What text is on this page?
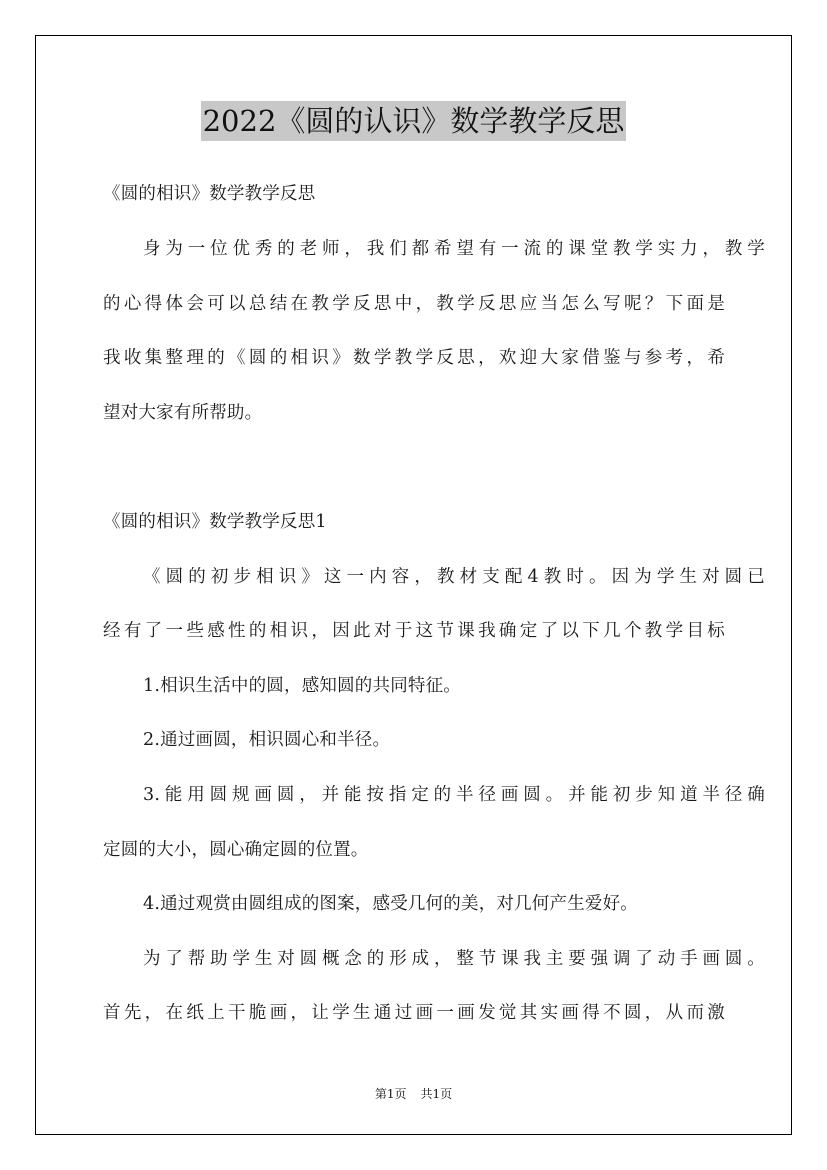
2022《圆的认识》数学教学反思

《圆的相识》数学教学反思

身为一位优秀的老师，我们都希望有一流的课堂教学实力，教学

的心得体会可以总结在教学反思中，教学反思应当怎么写呢？下面是

我收集整理的《圆的相识》数学教学反思，欢迎大家借鉴与参考，希

望对大家有所帮助。

《圆的相识》数学教学反思1

《圆的初步相识》这一内容，教材支配4教时。因为学生对圆已

经有了一些感性的相识，因此对于这节课我确定了以下几个教学目标

1.相识生活中的圆，感知圆的共同特征。

2.通过画圆，相识圆心和半径。

3.能用圆规画圆，并能按指定的半径画圆。并能初步知道半径确

定圆的大小，圆心确定圆的位置。

4.通过观赏由圆组成的图案，感受几何的美，对几何产生爱好。

为了帮助学生对圆概念的形成，整节课我主要强调了动手画圆。

首先，在纸上干脆画，让学生通过画一画发觉其实画得不圆，从而激

第1页 共1页
